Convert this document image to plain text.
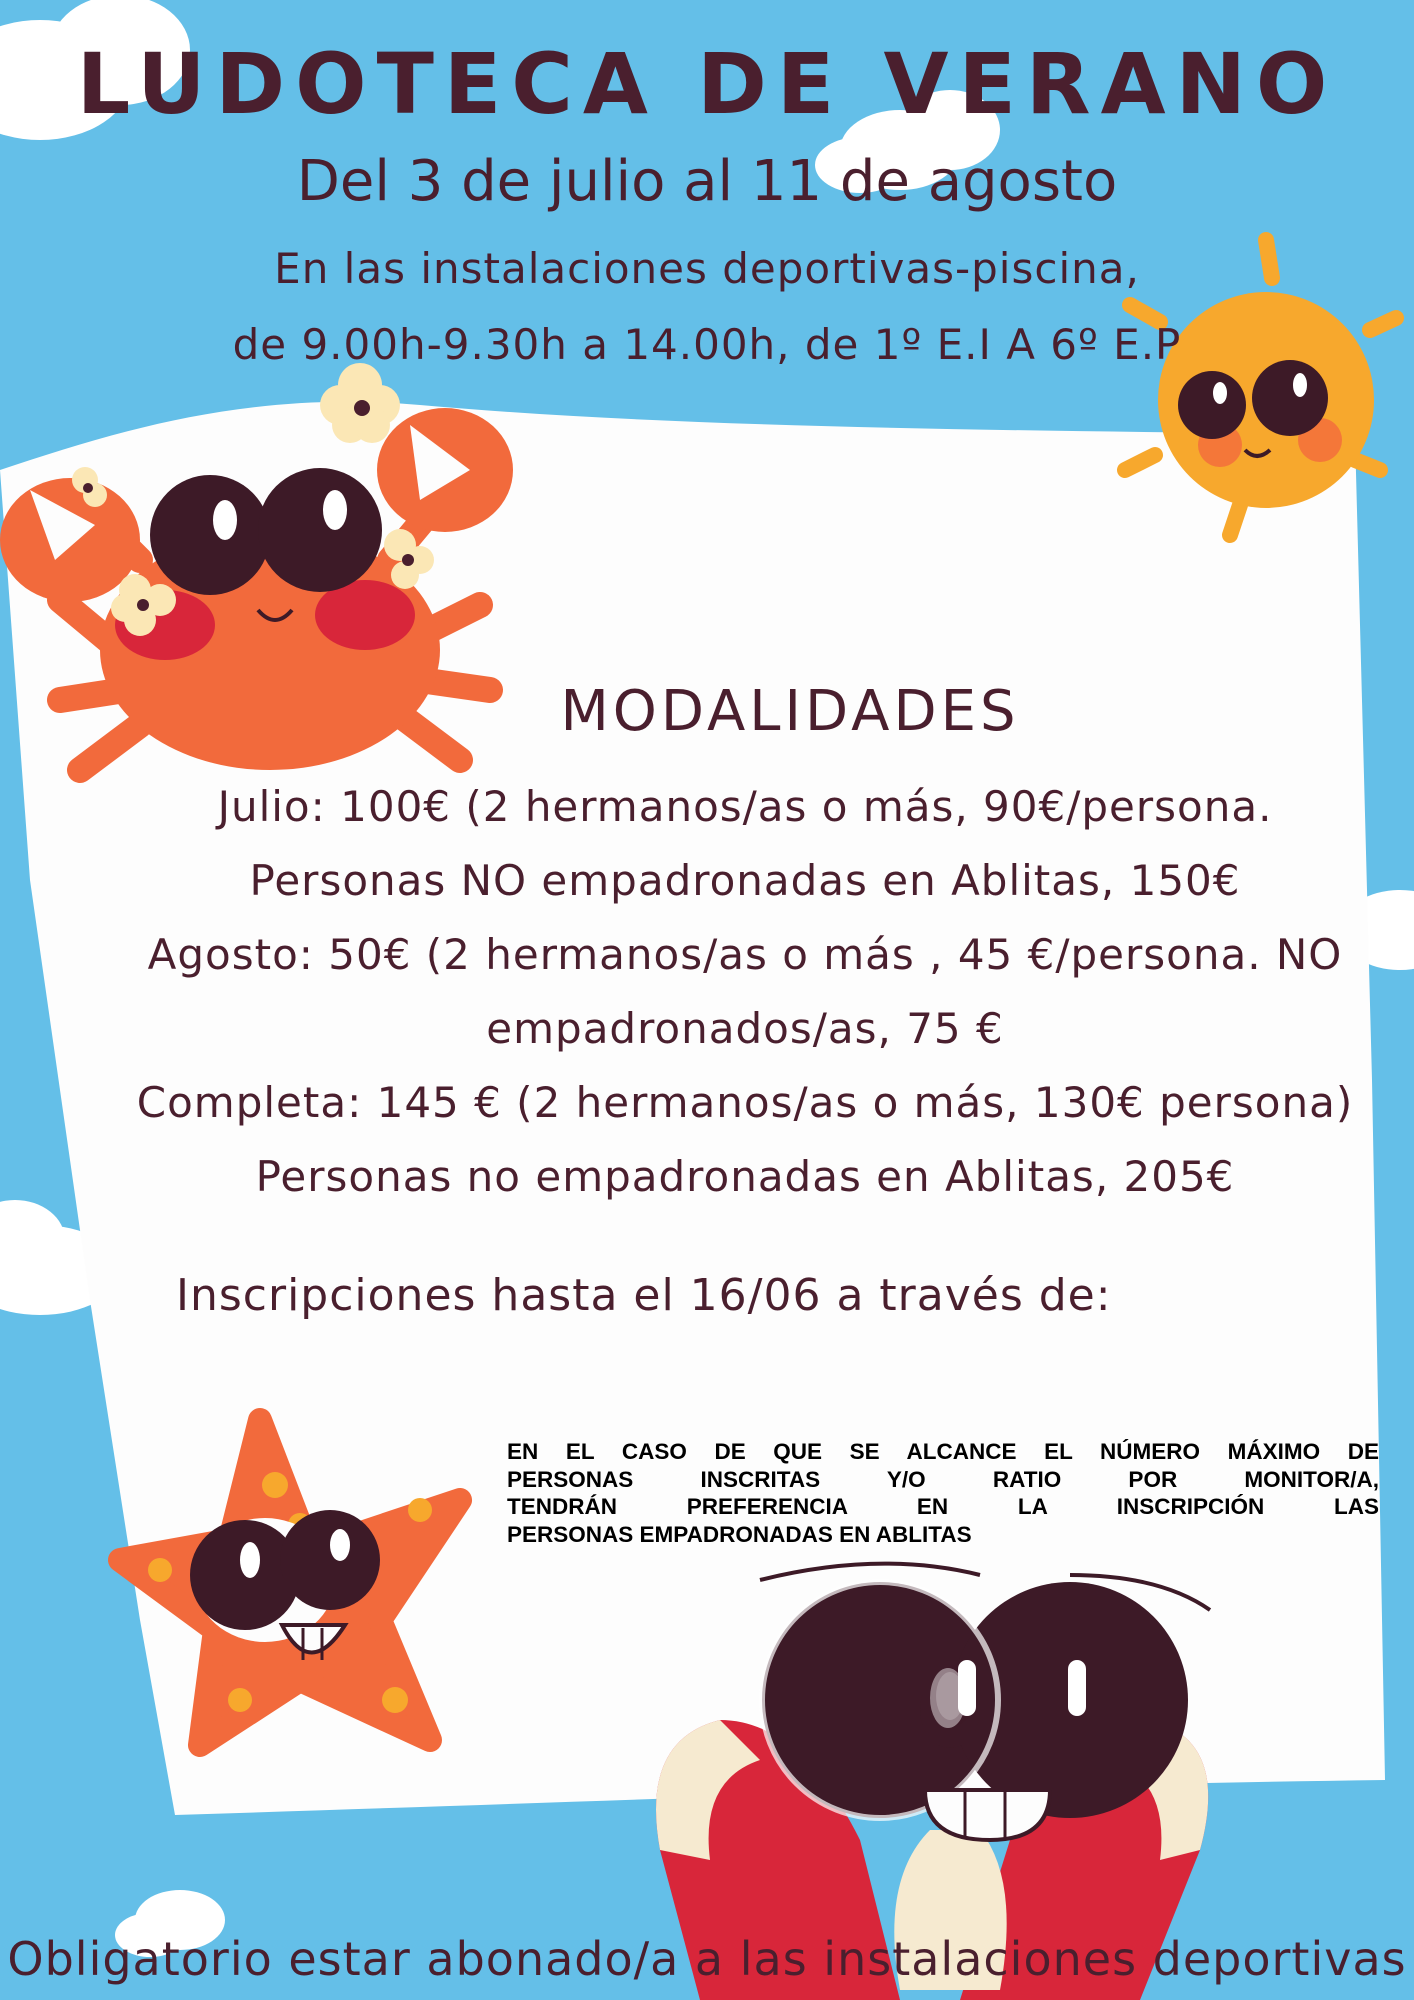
LUDOTECA DE VERANO
Del 3 de julio al 11 de agosto
En las instalaciones deportivas-piscina,
de 9.00h-9.30h a 14.00h, de 1º E.I A 6º E.P
MODALIDADES
Julio: 100€ (2 hermanos/as o más, 90€/persona.
Personas NO empadronadas en Ablitas, 150€
Agosto: 50€ (2 hermanos/as o más , 45 €/persona. NO
empadronados/as, 75 €
Completa: 145 € (2 hermanos/as o más, 130€ persona)
Personas no empadronadas en Ablitas, 205€
Inscripciones hasta el 16/06 a través de:
EN EL CASO DE QUE SE ALCANCE EL NÚMERO MÁXIMO DE
PERSONAS INSCRITAS Y/O RATIO POR MONITOR/A,
TENDRÁN PREFERENCIA EN LA INSCRIPCIÓN LAS
PERSONAS EMPADRONADAS EN ABLITAS
Obligatorio estar abonado/a a las instalaciones deportivas
